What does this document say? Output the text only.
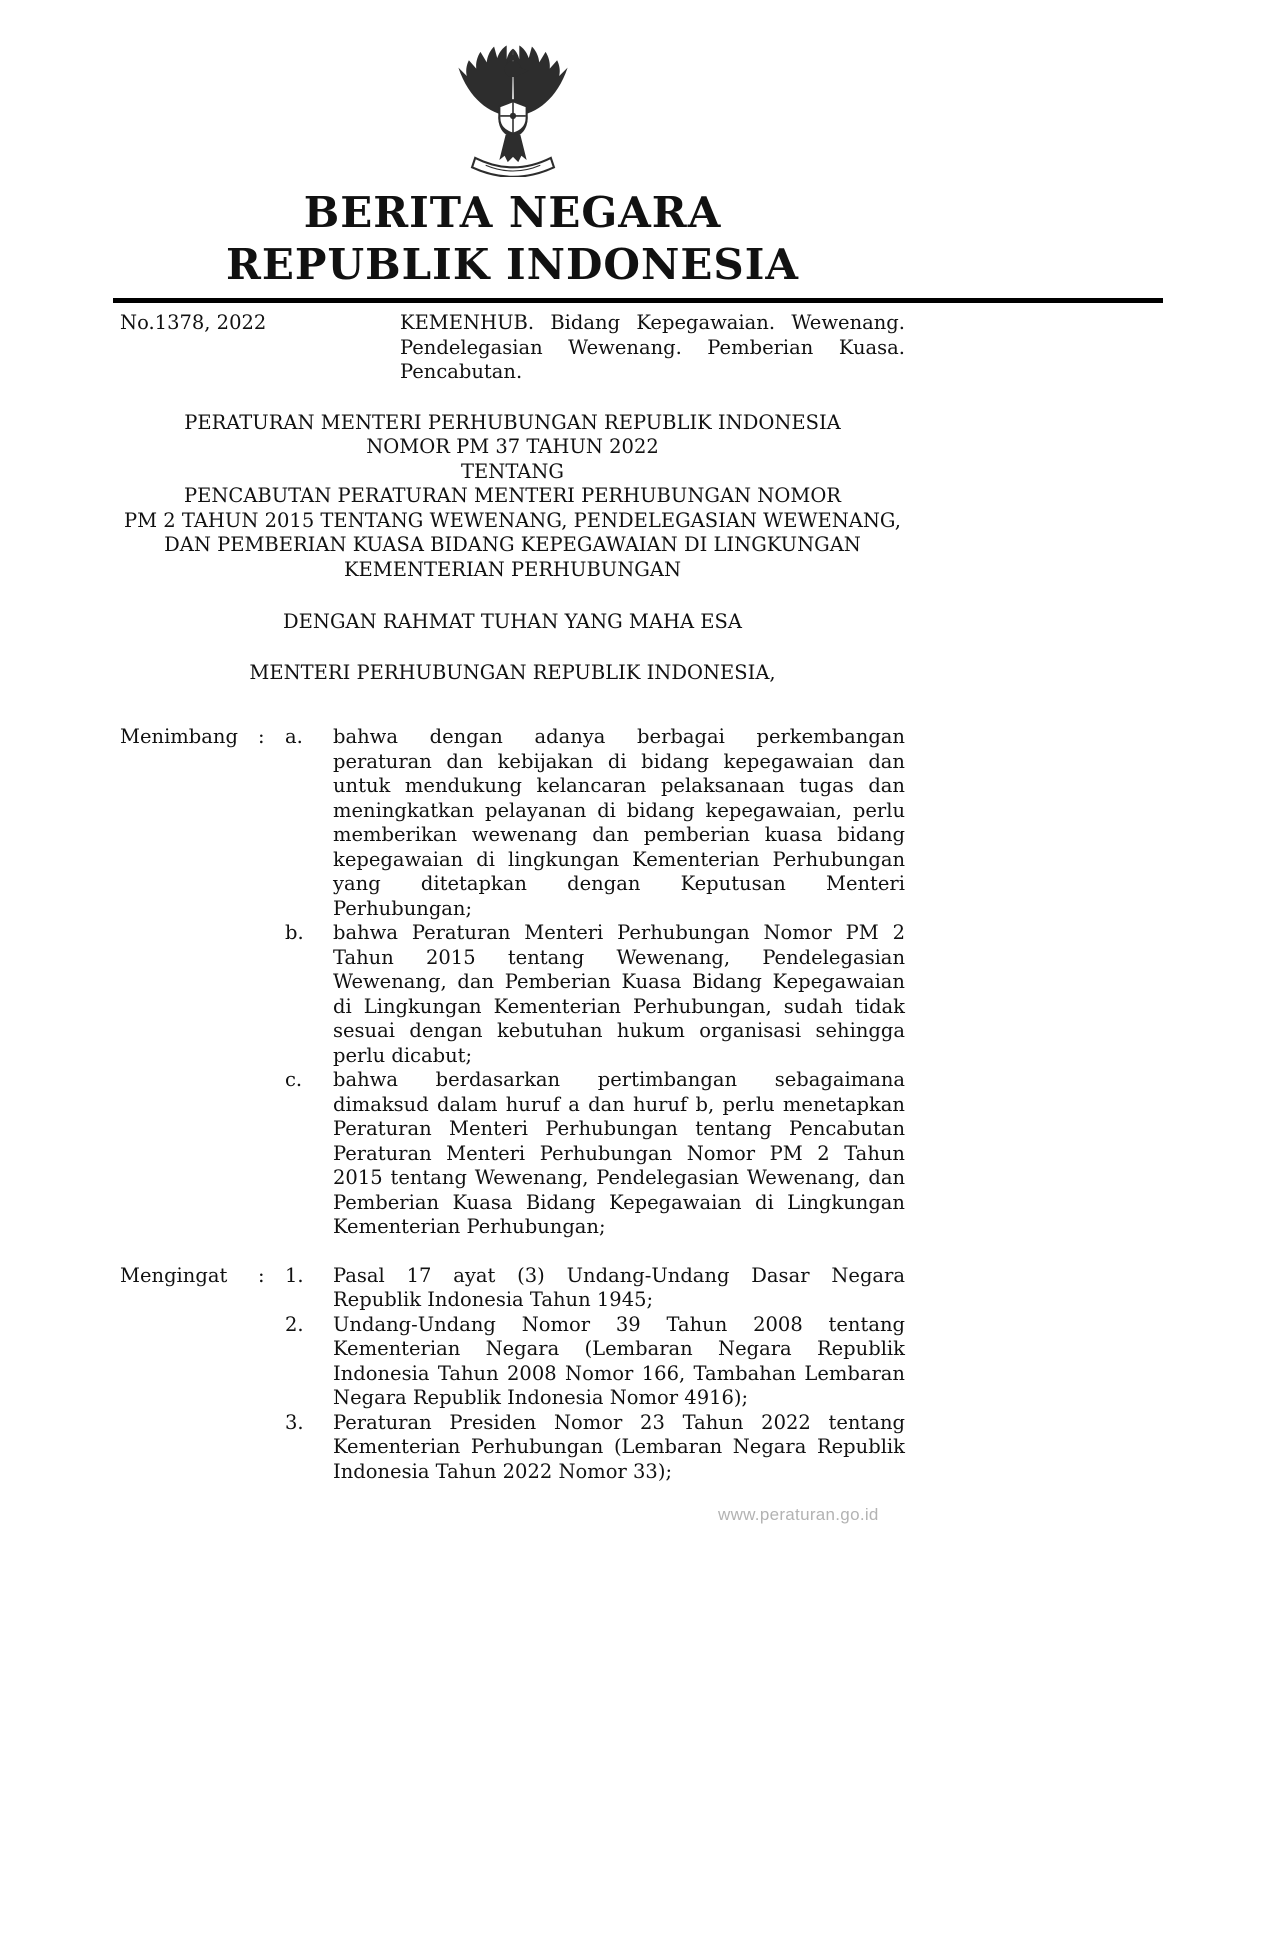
BERITA NEGARA
REPUBLIK INDONESIA
No.1378, 2022	KEMENHUB. Bidang Kepegawaian. Wewenang. Pendelegasian Wewenang. Pemberian Kuasa. Pencabutan.
PERATURAN MENTERI PERHUBUNGAN REPUBLIK INDONESIA
NOMOR PM 37 TAHUN 2022
TENTANG
PENCABUTAN PERATURAN MENTERI PERHUBUNGAN NOMOR
PM 2 TAHUN 2015 TENTANG WEWENANG, PENDELEGASIAN WEWENANG,
DAN PEMBERIAN KUASA BIDANG KEPEGAWAIAN DI LINGKUNGAN
KEMENTERIAN PERHUBUNGAN
DENGAN RAHMAT TUHAN YANG MAHA ESA
MENTERI PERHUBUNGAN REPUBLIK INDONESIA,
Menimbang	:	a.	bahwa dengan adanya berbagai perkembangan peraturan dan kebijakan di bidang kepegawaian dan untuk mendukung kelancaran pelaksanaan tugas dan meningkatkan pelayanan di bidang kepegawaian, perlu memberikan wewenang dan pemberian kuasa bidang kepegawaian di lingkungan Kementerian Perhubungan yang ditetapkan dengan Keputusan Menteri Perhubungan;
b.	bahwa Peraturan Menteri Perhubungan Nomor PM 2 Tahun 2015 tentang Wewenang, Pendelegasian Wewenang, dan Pemberian Kuasa Bidang Kepegawaian di Lingkungan Kementerian Perhubungan, sudah tidak sesuai dengan kebutuhan hukum organisasi sehingga perlu dicabut;
c.	bahwa berdasarkan pertimbangan sebagaimana dimaksud dalam huruf a dan huruf b, perlu menetapkan Peraturan Menteri Perhubungan tentang Pencabutan Peraturan Menteri Perhubungan Nomor PM 2 Tahun 2015 tentang Wewenang, Pendelegasian Wewenang, dan Pemberian Kuasa Bidang Kepegawaian di Lingkungan Kementerian Perhubungan;
Mengingat	:	1.	Pasal 17 ayat (3) Undang-Undang Dasar Negara Republik Indonesia Tahun 1945;
2.	Undang-Undang Nomor 39 Tahun 2008 tentang Kementerian Negara (Lembaran Negara Republik Indonesia Tahun 2008 Nomor 166, Tambahan Lembaran Negara Republik Indonesia Nomor 4916);
3.	Peraturan Presiden Nomor 23 Tahun 2022 tentang Kementerian Perhubungan (Lembaran Negara Republik Indonesia Tahun 2022 Nomor 33);
www.peraturan.go.id
